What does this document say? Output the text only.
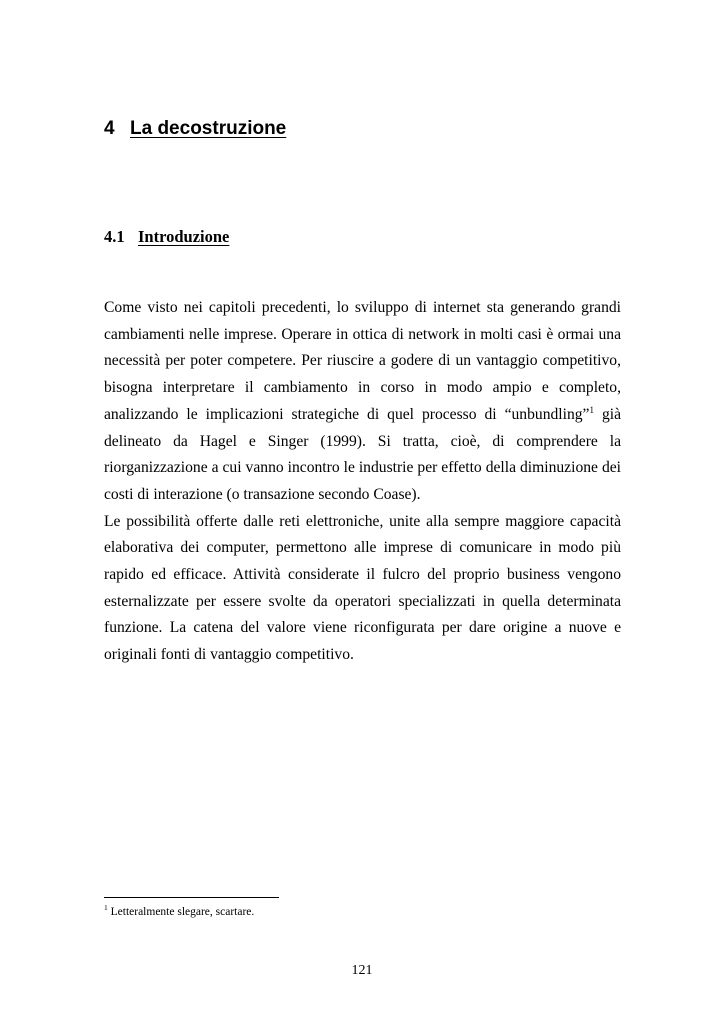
4 La decostruzione
4.1 Introduzione

Come visto nei capitoli precedenti, lo sviluppo di internet sta generando grandi cambiamenti nelle imprese. Operare in ottica di network in molti casi è ormai una necessità per poter competere. Per riuscire a godere di un vantaggio competitivo, bisogna interpretare il cambiamento in corso in modo ampio e completo, analizzando le implicazioni strategiche di quel processo di “unbundling”$^1$ già delineato da Hagel e Singer (1999). Si tratta, cioè, di comprendere la riorganizzazione a cui vanno incontro le industrie per effetto della diminuzione dei costi di interazione (o transazione secondo Coase).

Le possibilità offerte dalle reti elettroniche, unite alla sempre maggiore capacità elaborativa dei computer, permettono alle imprese di comunicare in modo più rapido ed efficace. Attività considerate il fulcro del proprio business vengono esternalizzate per essere svolte da operatori specializzati in quella determinata funzione. La catena del valore viene riconfigurata per dare origine a nuove e originali fonti di vantaggio competitivo.

$^1$ Letteralmente slegare, scartare.
121
